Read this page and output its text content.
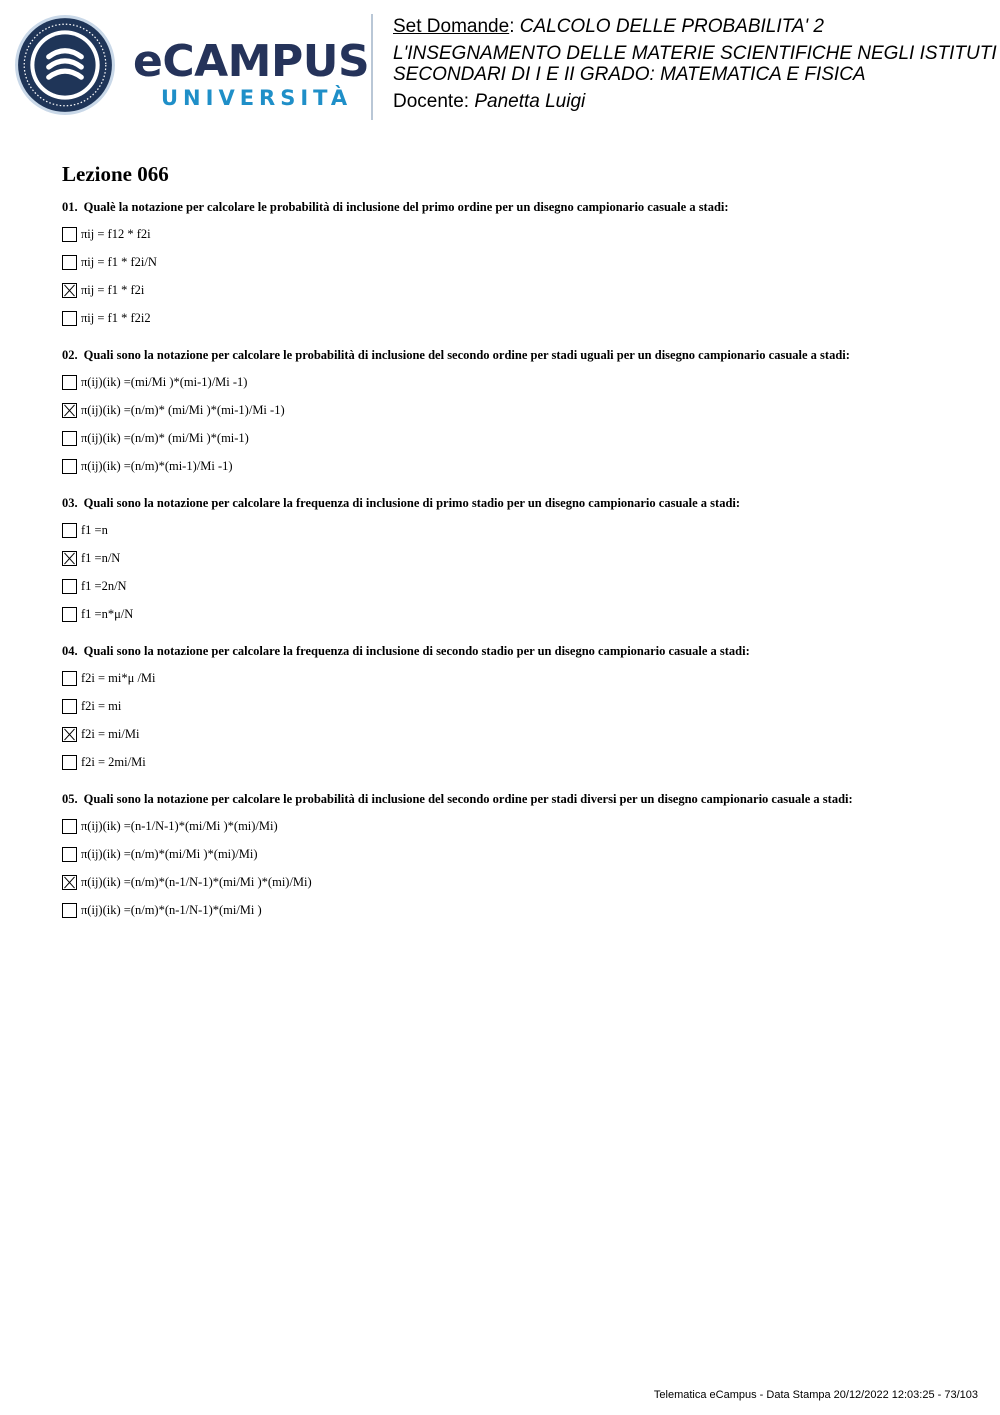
eCAMPUS
UNIVERSITÀ
Set Domande: CALCOLO DELLE PROBABILITA' 2
L'INSEGNAMENTO DELLE MATERIE SCIENTIFICHE NEGLI ISTITUTI
SECONDARI DI I E II GRADO: MATEMATICA E FISICA
Docente: Panetta Luigi
Lezione 066
01. Qualè la notazione per calcolare le probabilità di inclusione del primo ordine per un disegno campionario casuale a stadi:
πij = f12 * f2i
πij = f1 * f2i/N
πij = f1 * f2i
πij = f1 * f2i2
02. Quali sono la notazione per calcolare le probabilità di inclusione del secondo ordine per stadi uguali per un disegno campionario casuale a stadi:
π(ij)(ik) =(mi/Mi )*(mi-1)/Mi -1)
π(ij)(ik) =(n/m)* (mi/Mi )*(mi-1)/Mi -1)
π(ij)(ik) =(n/m)* (mi/Mi )*(mi-1)
π(ij)(ik) =(n/m)*(mi-1)/Mi -1)
03. Quali sono la notazione per calcolare la frequenza di inclusione di primo stadio per un disegno campionario casuale a stadi:
f1 =n
f1 =n/N
f1 =2n/N
f1 =n*μ/N
04. Quali sono la notazione per calcolare la frequenza di inclusione di secondo stadio per un disegno campionario casuale a stadi:
f2i = mi*μ /Mi
f2i = mi
f2i = mi/Mi
f2i = 2mi/Mi
05. Quali sono la notazione per calcolare le probabilità di inclusione del secondo ordine per stadi diversi per un disegno campionario casuale a stadi:
π(ij)(ik) =(n-1/N-1)*(mi/Mi )*(mi)/Mi)
π(ij)(ik) =(n/m)*(mi/Mi )*(mi)/Mi)
π(ij)(ik) =(n/m)*(n-1/N-1)*(mi/Mi )*(mi)/Mi)
π(ij)(ik) =(n/m)*(n-1/N-1)*(mi/Mi )
Telematica eCampus - Data Stampa 20/12/2022 12:03:25 - 73/103
